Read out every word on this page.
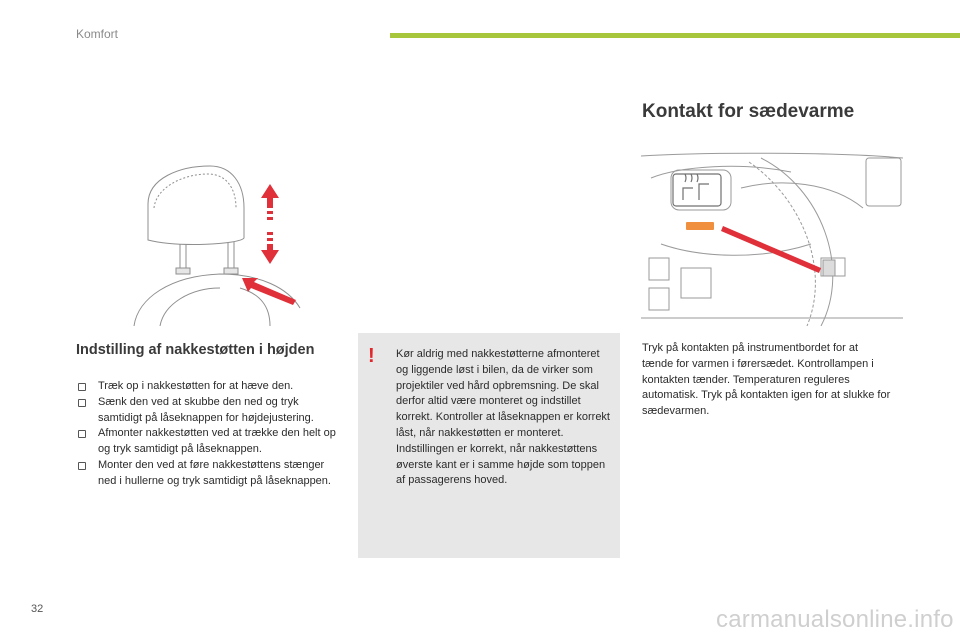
Komfort
Kontakt for sædevarme
Indstilling af nakkestøtten i højden
Træk op i nakkestøtten for at hæve den.
Sænk den ved at skubbe den ned og tryk samtidigt på låseknappen for højdejustering.
Afmonter nakkestøtten ved at trække den helt op og tryk samtidigt på låseknappen.
Monter den ved at føre nakkestøttens stænger ned i hullerne og tryk samtidigt på låseknappen.
! Kør aldrig med nakkestøtterne afmonteret og liggende løst i bilen, da de virker som projektiler ved hård opbremsning. De skal derfor altid være monteret og indstillet korrekt. Kontroller at låseknappen er korrekt låst, når nakkestøtten er monteret. Indstillingen er korrekt, når nakkestøttens øverste kant er i samme højde som toppen af passagerens hoved.

Tryk på kontakten på instrumentbordet for at tænde for varmen i førersædet. Kontrollampen i kontakten tænder. Temperaturen reguleres automatisk. Tryk på kontakten igen for at slukke for sædevarmen.

32	carmanualsonline.info
